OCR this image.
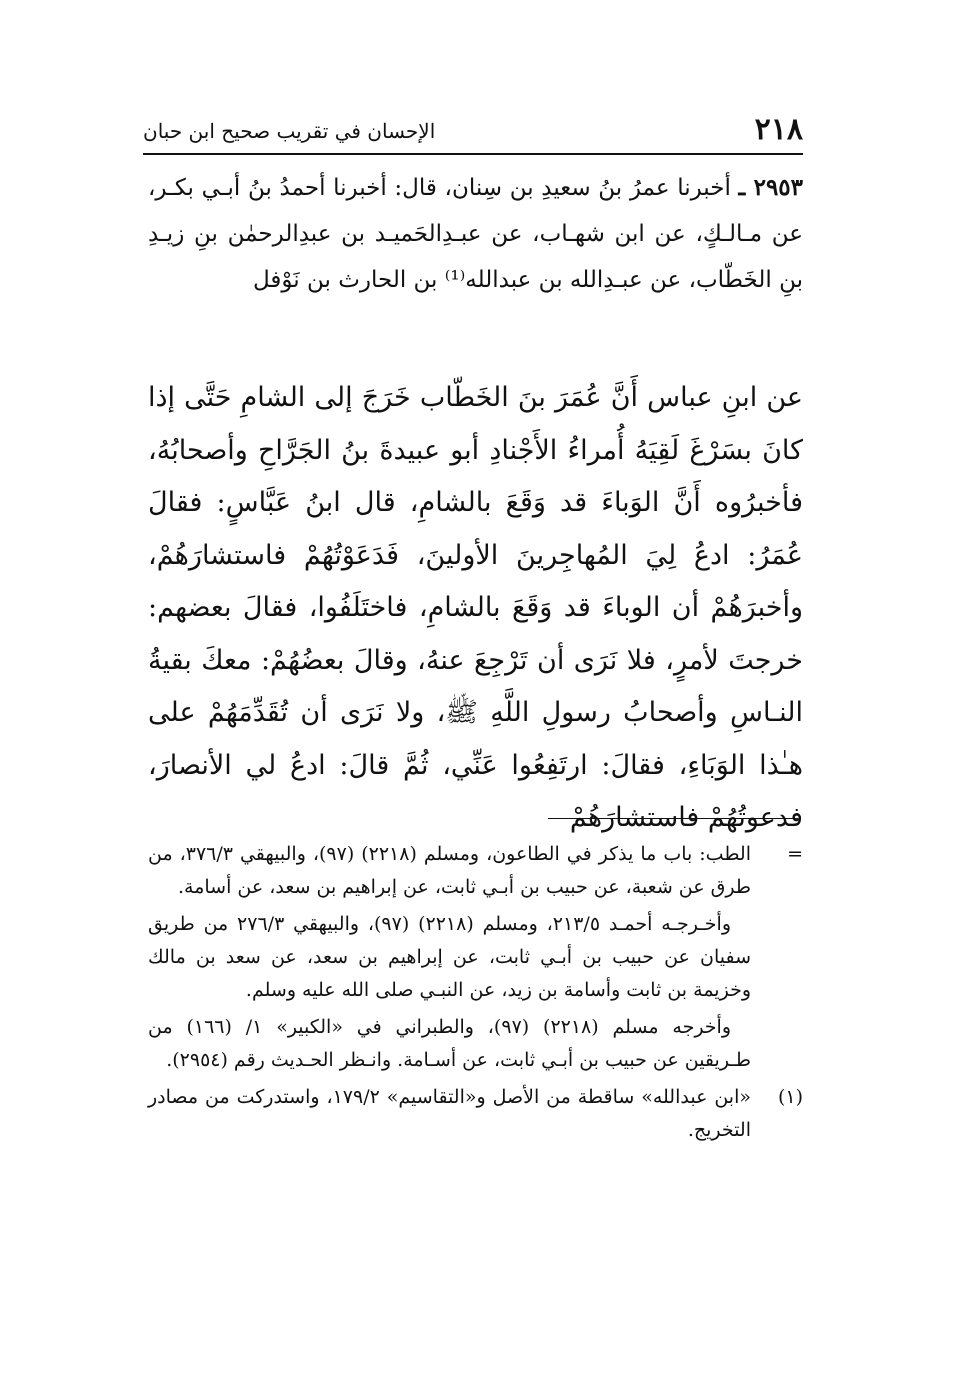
٢١٨
الإحسان في تقريب صحيح ابن حبان

٢٩٥٣ ـ أخبرنا عمرُ بنُ سعيدِ بن سِنان، قال: أخبرنا أحمدُ بنُ أبـي بكـر، عن مـالـكٍ، عن ابن شهـاب، عن عبـدِالحَميـد بن عبدِالرحمٰن بنِ زيـدِ بنِ الخَطّاب، عن عبـدِالله بن عبدالله⁽¹⁾ بن الحارث بن نَوْفل

عن ابنِ عباس أَنَّ عُمَرَ بنَ الخَطّاب خَرَجَ إلى الشامِ حَتَّى إذا كانَ بسَرْغَ لَقِيَهُ أُمراءُ الأَجْنادِ أبو عبيدةَ بنُ الجَرَّاحِ وأصحابُهُ، فأخبرُوه أَنَّ الوَباءَ قد وَقَعَ بالشامِ، قال ابنُ عَبَّاسٍ: فقالَ عُمَرُ: ادعُ لِيَ المُهاجِرينَ الأولينَ، فَدَعَوْتُهُمْ فاستشارَهُمْ، وأخبرَهُمْ أن الوباءَ قد وَقَعَ بالشامِ، فاختَلَفُوا، فقالَ بعضهم: خرجتَ لأمرٍ، فلا نَرَى أن تَرْجِعَ عنهُ، وقالَ بعضُهُمْ: معكَ بقيةُ النـاسِ وأصحابُ رسولِ اللَّهِ ﷺ، ولا نَرَى أن تُقَدِّمَهُمْ على هـٰذا الوَبَاءِ، فقالَ: ارتَفِعُوا عَنِّي، ثُمَّ قالَ: ادعُ لي الأنصارَ، فدعوتُهُمْ فاستشارَهُمْ

=

الطب: باب ما يذكر في الطاعون، ومسلم (٢٢١٨) (٩٧)، والبيهقي ٣٧٦/٣، من طرق عن شعبة، عن حبيب بن أبـي ثابت، عن إبراهيم بن سعد، عن أسامة.

وأخـرجـه أحمـد ٢١٣/٥، ومسلم (٢٢١٨) (٩٧)، والبيهقي ٢٧٦/٣ من طريق سفيان عن حبيب بن أبـي ثابت، عن إبراهيم بن سعد، عن سعد بن مالك وخزيمة بن ثابت وأسامة بن زيد، عن النبـي صلى الله عليه وسلم.

وأخرجه مسلم (٢٢١٨) (٩٧)، والطبراني في «الكبير» ١/ (١٦٦) من طـريقين عن حبيب بن أبـي ثابت، عن أسـامة. وانـظر الحـديث رقم (٢٩٥٤).

(١)

«ابن عبدالله» ساقطة من الأصل و«التقاسيم» ١٧٩/٢، واستدركت من مصادر التخريج.
